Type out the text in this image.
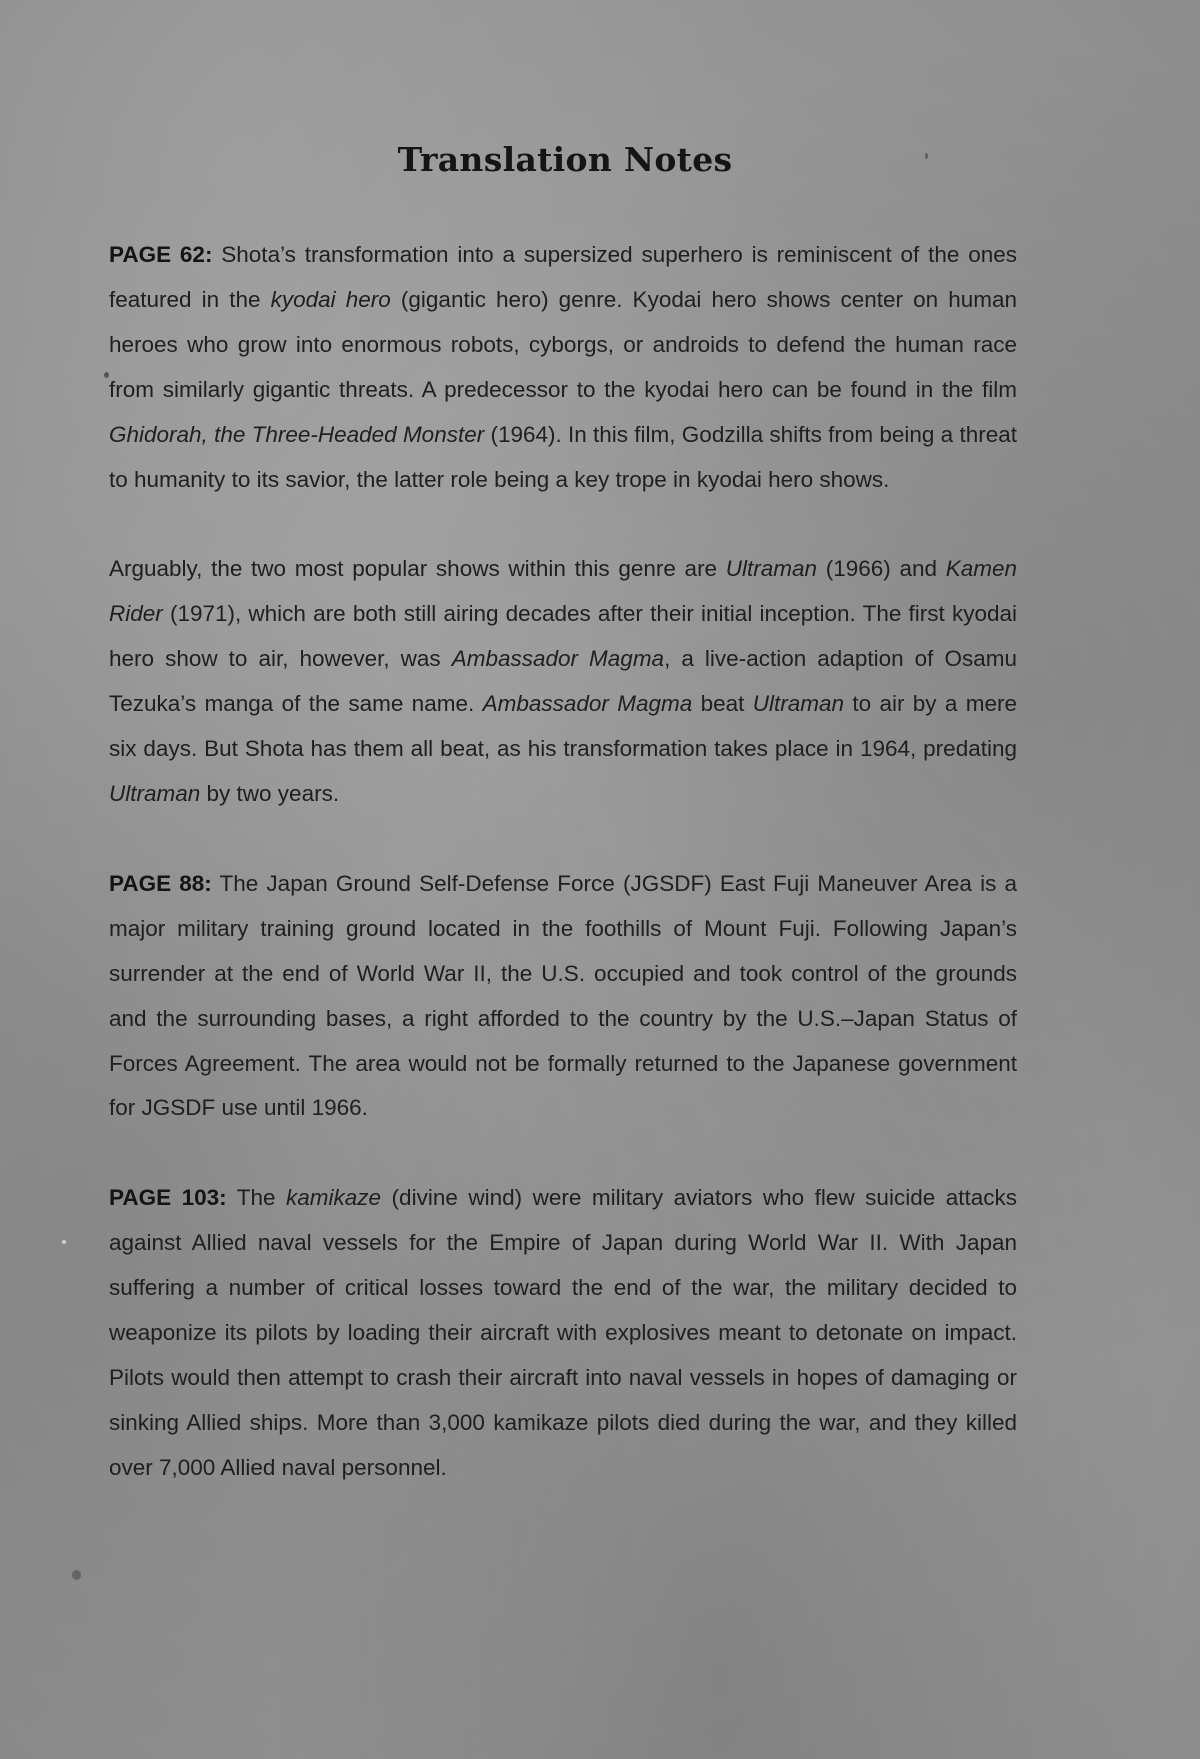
Translation Notes

PAGE 62: Shota’s transformation into a supersized superhero is reminiscent of the ones featured in the kyodai hero (gigantic hero) genre. Kyodai hero shows center on human heroes who grow into enormous robots, cyborgs, or androids to defend the human race from similarly gigantic threats. A predecessor to the kyodai hero can be found in the film Ghidorah, the Three-Headed Monster (1964). In this film, Godzilla shifts from being a threat to humanity to its savior, the latter role being a key trope in kyodai hero shows.

Arguably, the two most popular shows within this genre are Ultraman (1966) and Kamen Rider (1971), which are both still airing decades after their initial inception. The first kyodai hero show to air, however, was Ambassador Magma, a live-action adaption of Osamu Tezuka’s manga of the same name. Ambassador Magma beat Ultraman to air by a mere six days. But Shota has them all beat, as his transformation takes place in 1964, predating Ultraman by two years.

PAGE 88: The Japan Ground Self-Defense Force (JGSDF) East Fuji Maneuver Area is a major military training ground located in the foothills of Mount Fuji. Following Japan’s surrender at the end of World War II, the U.S. occupied and took control of the grounds and the surrounding bases, a right afforded to the country by the U.S.–Japan Status of Forces Agreement. The area would not be formally returned to the Japanese government for JGSDF use until 1966.

PAGE 103: The kamikaze (divine wind) were military aviators who flew suicide attacks against Allied naval vessels for the Empire of Japan during World War II. With Japan suffering a number of critical losses toward the end of the war, the military decided to weaponize its pilots by loading their aircraft with explosives meant to detonate on impact. Pilots would then attempt to crash their aircraft into naval vessels in hopes of damaging or sinking Allied ships. More than 3,000 kamikaze pilots died during the war, and they killed over 7,000 Allied naval personnel.
